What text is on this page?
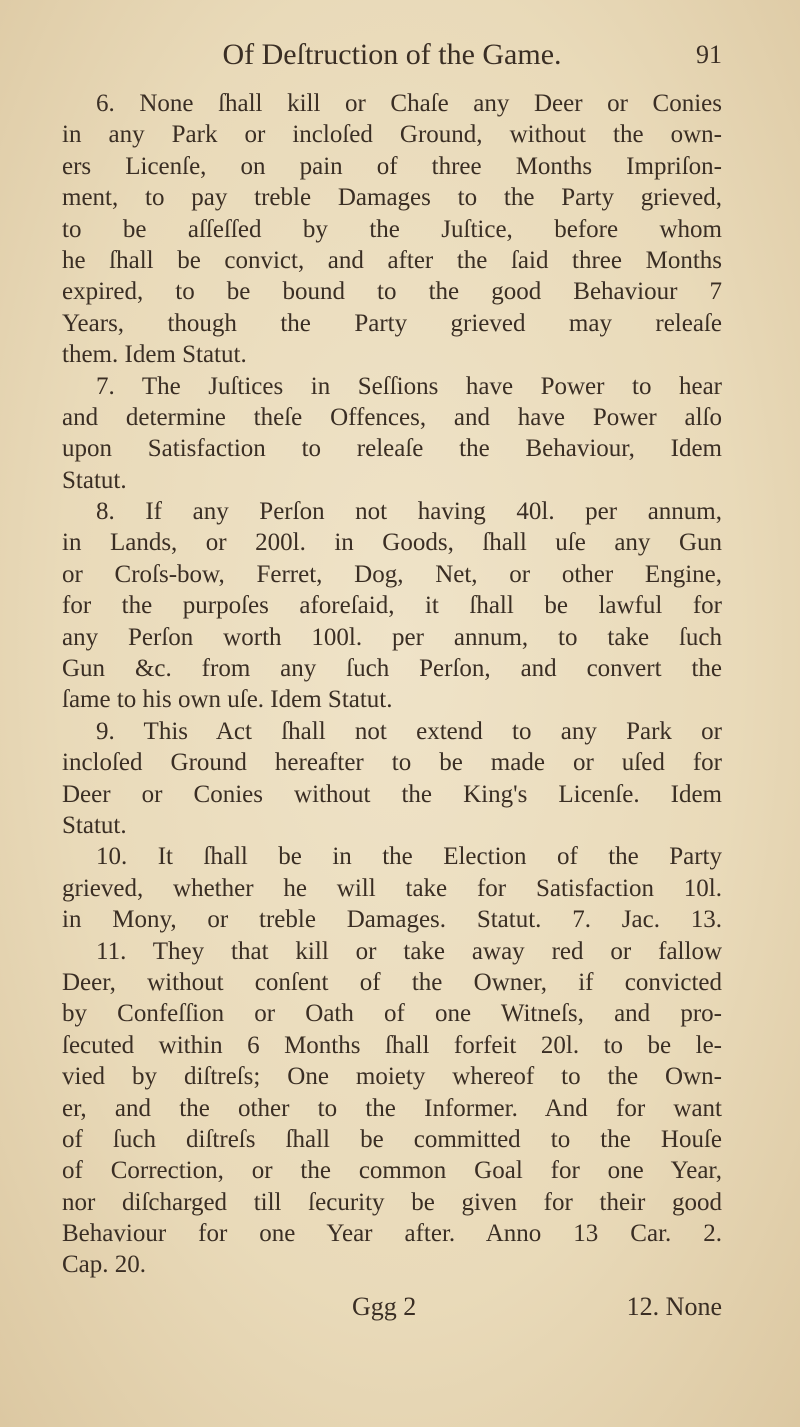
Of Deſtruction of the Game.	91
6. None ſhall kill or Chaſe any Deer or Conies
in any Park or incloſed Ground, without the own-
ers Licenſe, on pain of three Months Impriſon-
ment, to pay treble Damages to the Party grieved,
to be aſſeſſed by the Juſtice, before whom
he ſhall be convict, and after the ſaid three Months
expired, to be bound to the good Behaviour 7
Years, though the Party grieved may releaſe
them. Idem Statut.
7. The Juſtices in Seſſions have Power to hear
and determine theſe Offences, and have Power alſo
upon Satisfaction to releaſe the Behaviour, Idem
Statut.
8. If any Perſon not having 40l. per annum,
in Lands, or 200l. in Goods, ſhall uſe any Gun
or Croſs-bow, Ferret, Dog, Net, or other Engine,
for the purpoſes aforeſaid, it ſhall be lawful for
any Perſon worth 100l. per annum, to take ſuch
Gun &c. from any ſuch Perſon, and convert the
ſame to his own uſe. Idem Statut.
9. This Act ſhall not extend to any Park or
incloſed Ground hereafter to be made or uſed for
Deer or Conies without the King's Licenſe. Idem
Statut.
10. It ſhall be in the Election of the Party
grieved, whether he will take for Satisfaction 10l.
in Mony, or treble Damages. Statut. 7. Jac. 13.
11. They that kill or take away red or fallow
Deer, without conſent of the Owner, if convicted
by Confeſſion or Oath of one Witneſs, and pro-
ſecuted within 6 Months ſhall forfeit 20l. to be le-
vied by diſtreſs; One moiety whereof to the Own-
er, and the other to the Informer. And for want
of ſuch diſtreſs ſhall be committed to the Houſe
of Correction, or the common Goal for one Year,
nor diſcharged till ſecurity be given for their good
Behaviour for one Year after. Anno 13 Car. 2.
Cap. 20.
Ggg 2	12. None
